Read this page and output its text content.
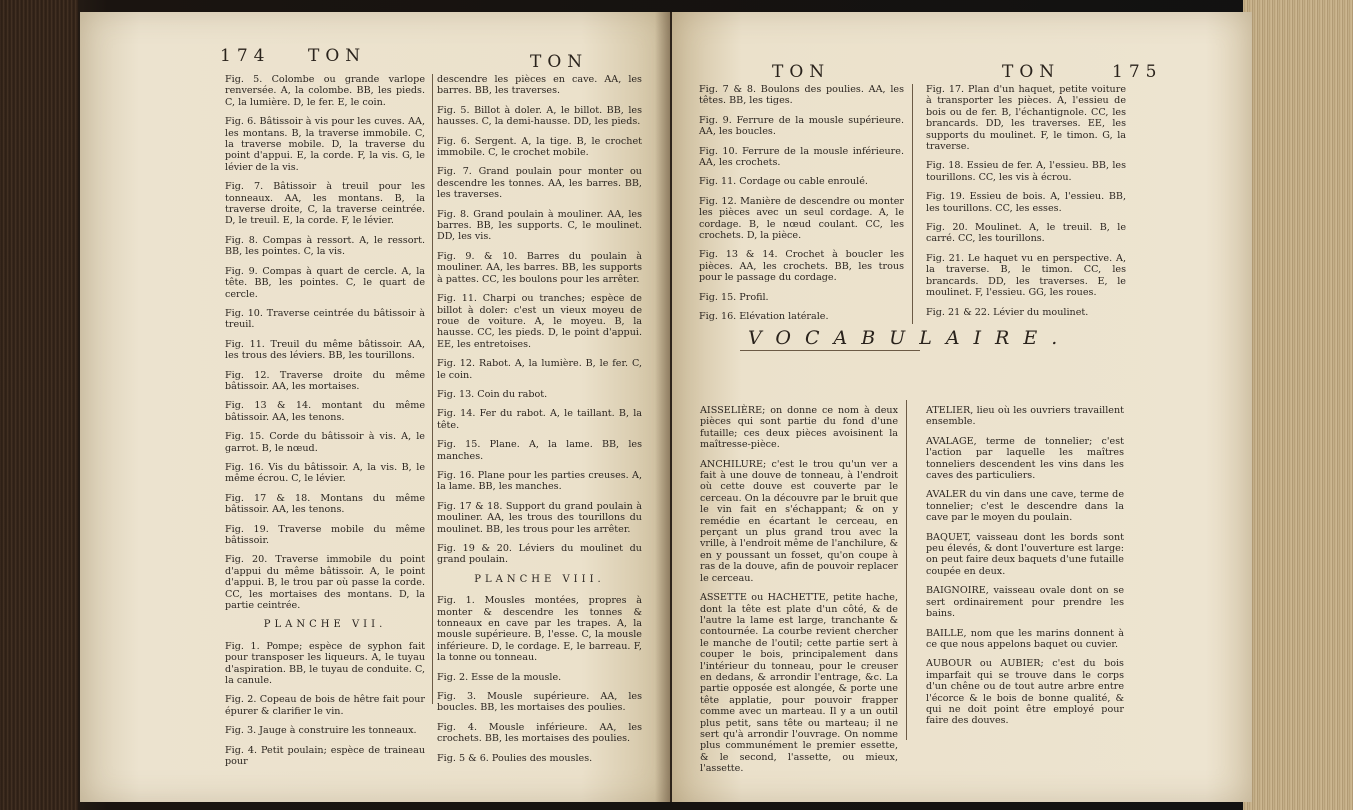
174 TON	TON

Fig. 5. Colombe ou grande varlope renversée. A, la colombe. BB, les pieds. C, la lumière. D, le fer. E, le coin.

Fig. 6. Bâtissoir à vis pour les cuves. AA, les montans. B, la traverse immobile. C, la traverse mobile. D, la traverse du point d'appui. E, la corde. F, la vis. G, le lévier de la vis.

Fig. 7. Bâtissoir à treuil pour les tonneaux. AA, les montans. B, la traverse droite, C, la traverse ceintrée. D, le treuil. E, la corde. F, le lévier.

Fig. 8. Compas à ressort. A, le ressort. BB, les pointes. C, la vis.

Fig. 9. Compas à quart de cercle. A, la tête. BB, les pointes. C, le quart de cercle.

Fig. 10. Traverse ceintrée du bâtissoir à treuil.

Fig. 11. Treuil du même bâtissoir. AA, les trous des léviers. BB, les tourillons.

Fig. 12. Traverse droite du même bâtissoir. AA, les mortaises.

Fig. 13 & 14. montant du même bâtissoir. AA, les tenons.

Fig. 15. Corde du bâtissoir à vis. A, le garrot. B, le nœud.

Fig. 16. Vis du bâtissoir. A, la vis. B, le même écrou. C, le lévier.

Fig. 17 & 18. Montans du même bâtissoir. AA, les tenons.

Fig. 19. Traverse mobile du même bâtissoir.

Fig. 20. Traverse immobile du point d'appui du même bâtissoir. A, le point d'appui. B, le trou par où passe la corde. CC, les mortaises des montans. D, la partie ceintrée.

PLANCHE VII.

Fig. 1. Pompe; espèce de syphon fait pour transposer les liqueurs. A, le tuyau d'aspiration. BB, le tuyau de conduite. C, la canule.

Fig. 2. Copeau de bois de hêtre fait pour épurer & clarifier le vin.

Fig. 3. Jauge à construire les tonneaux.

Fig. 4. Petit poulain; espèce de traineau pour

descendre les pièces en cave. AA, les barres. BB, les traverses.

Fig. 5. Billot à doler. A, le billot. BB, les hausses. C, la demi-hausse. DD, les pieds.

Fig. 6. Sergent. A, la tige. B, le crochet immobile. C, le crochet mobile.

Fig. 7. Grand poulain pour monter ou descendre les tonnes. AA, les barres. BB, les traverses.

Fig. 8. Grand poulain à mouliner. AA, les barres. BB, les supports. C, le moulinet. DD, les vis.

Fig. 9. & 10. Barres du poulain à mouliner. AA, les barres. BB, les supports à pattes. CC, les boulons pour les arrêter.

Fig. 11. Charpi ou tranches; espèce de billot à doler: c'est un vieux moyeu de roue de voiture. A, le moyeu. B, la hausse. CC, les pieds. D, le point d'appui. EE, les entretoises.

Fig. 12. Rabot. A, la lumière. B, le fer. C, le coin.

Fig. 13. Coin du rabot.

Fig. 14. Fer du rabot. A, le taillant. B, la tête.

Fig. 15. Plane. A, la lame. BB, les manches.

Fig. 16. Plane pour les parties creuses. A, la lame. BB, les manches.

Fig. 17 & 18. Support du grand poulain à mouliner. AA, les trous des tourillons du moulinet. BB, les trous pour les arrêter.

Fig. 19 & 20. Léviers du moulinet du grand poulain.

PLANCHE VIII.

Fig. 1. Mousles montées, propres à monter & descendre les tonnes & tonneaux en cave par les trapes. A, la mousle supérieure. B, l'esse. C, la mousle inférieure. D, le cordage. E, le barreau. F, la tonne ou tonneau.

Fig. 2. Esse de la mousle.

Fig. 3. Mousle supérieure. AA, les boucles. BB, les mortaises des poulies.

Fig. 4. Mousle inférieure. AA, les crochets. BB, les mortaises des poulies.

Fig. 5 & 6. Poulies des mousles.

TON	TON	175

Fig. 7 & 8. Boulons des poulies. AA, les têtes. BB, les tiges.

Fig. 9. Ferrure de la mousle supérieure. AA, les boucles.

Fig. 10. Ferrure de la mousle inférieure. AA, les crochets.

Fig. 11. Cordage ou cable enroulé.

Fig. 12. Manière de descendre ou monter les pièces avec un seul cordage. A, le cordage. B, le nœud coulant. CC, les crochets. D, la pièce.

Fig. 13 & 14. Crochet à boucler les pièces. AA, les crochets. BB, les trous pour le passage du cordage.

Fig. 15. Profil.

Fig. 16. Elévation latérale.

Fig. 17. Plan d'un haquet, petite voiture à transporter les pièces. A, l'essieu de bois ou de fer. B, l'échantignole. CC, les brancards. DD, les traverses. EE, les supports du moulinet. F, le timon. G, la traverse.

Fig. 18. Essieu de fer. A, l'essieu. BB, les tourillons. CC, les vis à écrou.

Fig. 19. Essieu de bois. A, l'essieu. BB, les tourillons. CC, les esses.

Fig. 20. Moulinet. A, le treuil. B, le carré. CC, les tourillons.

Fig. 21. Le haquet vu en perspective. A, la traverse. B, le timon. CC, les brancards. DD, les traverses. E, le moulinet. F, l'essieu. GG, les roues.

Fig. 21 & 22. Lévier du moulinet.

VOCABULAIRE.

AISSELIÈRE; on donne ce nom à deux pièces qui sont partie du fond d'une futaille; ces deux pièces avoisinent la maîtresse-pièce.

ANCHILURE; c'est le trou qu'un ver a fait à une douve de tonneau, à l'endroit où cette douve est couverte par le cerceau. On la découvre par le bruit que le vin fait en s'échappant; & on y remédie en écartant le cerceau, en perçant un plus grand trou avec la vrille, à l'endroit même de l'anchilure, & en y poussant un fosset, qu'on coupe à ras de la douve, afin de pouvoir replacer le cerceau.

ASSETTE ou HACHETTE, petite hache, dont la tête est plate d'un côté, & de l'autre la lame est large, tranchante & contournée. La courbe revient chercher le manche de l'outil; cette partie sert à couper le bois, principalement dans l'intérieur du tonneau, pour le creuser en dedans, & arrondir l'entrage, &c. La partie opposée est alongée, & porte une tête applatie, pour pouvoir frapper comme avec un marteau. Il y a un outil plus petit, sans tête ou marteau; il ne sert qu'à arrondir l'ouvrage. On nomme plus communément le premier essette, & le second, l'assette, ou mieux, l'assette.

ATELIER, lieu où les ouvriers travaillent ensemble.

AVALAGE, terme de tonnelier; c'est l'action par laquelle les maîtres tonneliers descendent les vins dans les caves des particuliers.

AVALER du vin dans une cave, terme de tonnelier; c'est le descendre dans la cave par le moyen du poulain.

BAQUET, vaisseau dont les bords sont peu élevés, & dont l'ouverture est large: on peut faire deux baquets d'une futaille coupée en deux.

BAIGNOIRE, vaisseau ovale dont on se sert ordinairement pour prendre les bains.

BAILLE, nom que les marins donnent à ce que nous appelons baquet ou cuvier.

AUBOUR ou AUBIER; c'est du bois imparfait qui se trouve dans le corps d'un chêne ou de tout autre arbre entre l'écorce & le bois de bonne qualité, & qui ne doit point être employé pour faire des douves.
